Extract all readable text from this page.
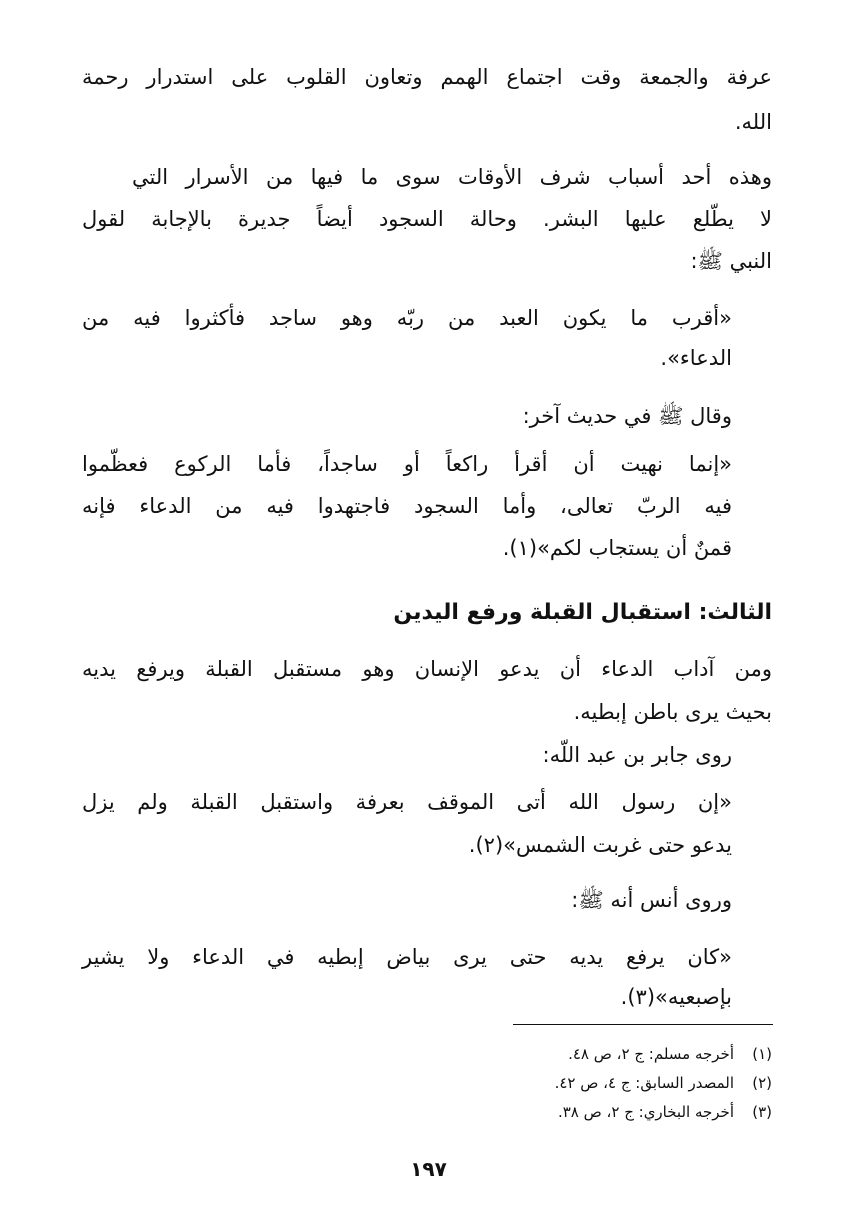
عرفة والجمعة وقت اجتماع الهمم وتعاون القلوب على استدرار رحمة
الله.
وهذه أحد أسباب شرف الأوقات سوى ما فيها من الأسرار التي
لا يطّلع عليها البشر. وحالة السجود أيضاً جديرة بالإجابة لقول
النبي ﷺ:
«أقرب ما يكون العبد من ربّه وهو ساجد فأكثروا فيه من
الدعاء».
وقال ﷺ في حديث آخر:
«إنما نهيت أن أقرأ راكعاً أو ساجداً، فأما الركوع فعظّموا
فيه الربّ تعالى، وأما السجود فاجتهدوا فيه من الدعاء فإنه
قمنٌ أن يستجاب لكم»(١).
الثالث: استقبال القبلة ورفع اليدين
ومن آداب الدعاء أن يدعو الإنسان وهو مستقبل القبلة ويرفع يديه
بحيث يرى باطن إبطيه.
روى جابر بن عبد اللّه:
«إن رسول الله أتى الموقف بعرفة واستقبل القبلة ولم يزل
يدعو حتى غربت الشمس»(٢).
وروى أنس أنه ﷺ:
«كان يرفع يديه حتى يرى بياض إبطيه في الدعاء ولا يشير
بإصبعيه»(٣).
(١)أخرجه مسلم: ج ٢، ص ٤٨.
(٢)المصدر السابق: ج ٤، ص ٤٢.
(٣)أخرجه البخاري: ج ٢، ص ٣٨.
١٩٧
